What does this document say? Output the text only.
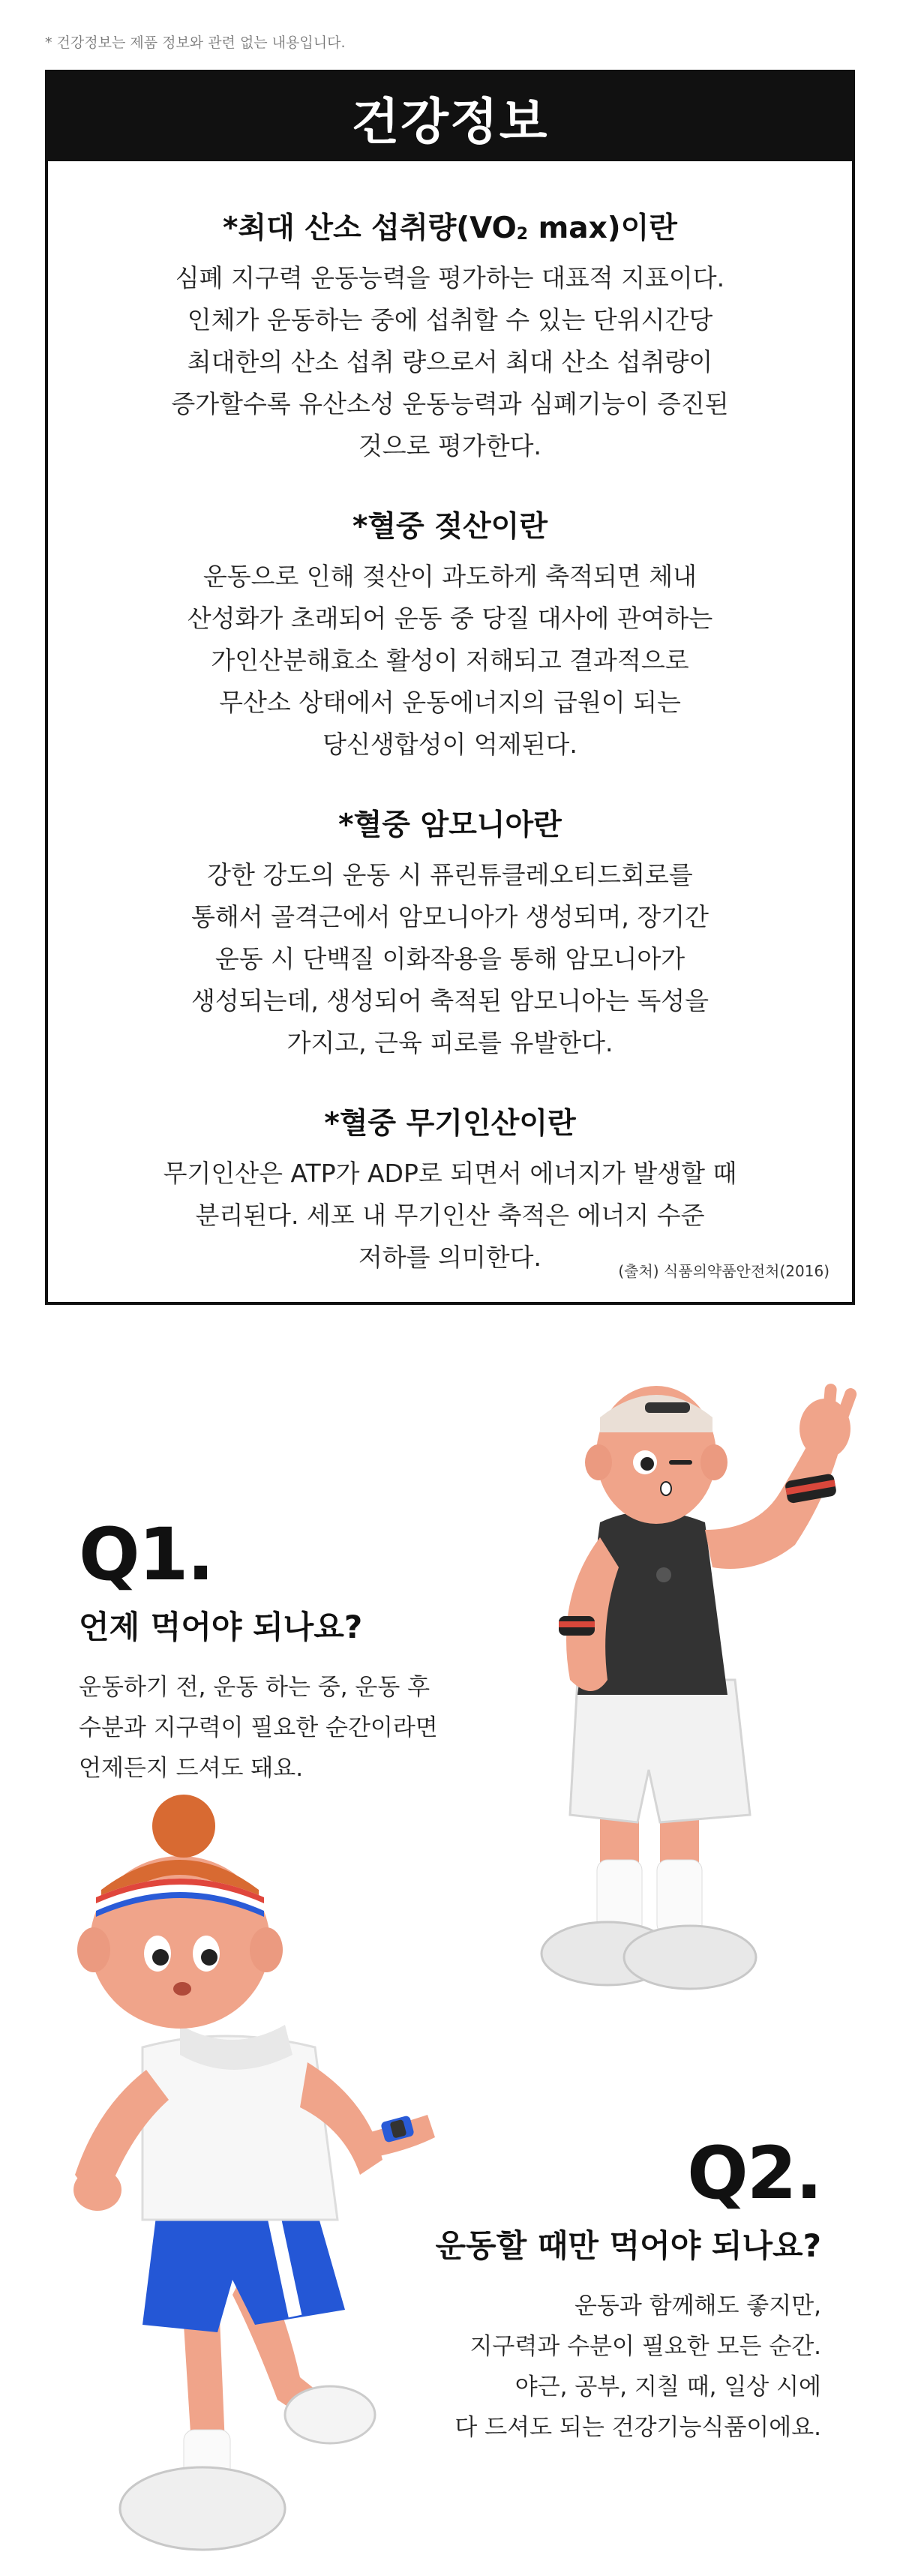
* 건강정보는 제품 정보와 관련 없는 내용입니다.
건강정보
*최대 산소 섭취량($VO_2$ max)이란

심폐 지구력 운동능력을 평가하는 대표적 지표이다.
인체가 운동하는 중에 섭취할 수 있는 단위시간당
최대한의 산소 섭취 량으로서 최대 산소 섭취량이
증가할수록 유산소성 운동능력과 심폐기능이 증진된
것으로 평가한다.

*혈중 젖산이란

운동으로 인해 젖산이 과도하게 축적되면 체내
산성화가 초래되어 운동 중 당질 대사에 관여하는
가인산분해효소 활성이 저해되고 결과적으로
무산소 상태에서 운동에너지의 급원이 되는
당신생합성이 억제된다.

*혈중 암모니아란

강한 강도의 운동 시 퓨린튜클레오티드회로를
통해서 골격근에서 암모니아가 생성되며, 장기간
운동 시 단백질 이화작용을 통해 암모니아가
생성되는데, 생성되어 축적된 암모니아는 독성을
가지고, 근육 피로를 유발한다.

*혈중 무기인산이란

무기인산은 ATP가 ADP로 되면서 에너지가 발생할 때
분리된다. 세포 내 무기인산 축적은 에너지 수준
저하를 의미한다.	(출처) 식품의약품안전처(2016)
Q1.
언제 먹어야 되나요?
운동하기 전, 운동 하는 중, 운동 후
수분과 지구력이 필요한 순간이라면
언제든지 드셔도 돼요.
Q2.
운동할 때만 먹어야 되나요?
운동과 함께해도 좋지만,
지구력과 수분이 필요한 모든 순간.
야근, 공부, 지칠 때, 일상 시에
다 드셔도 되는 건강기능식품이에요.
